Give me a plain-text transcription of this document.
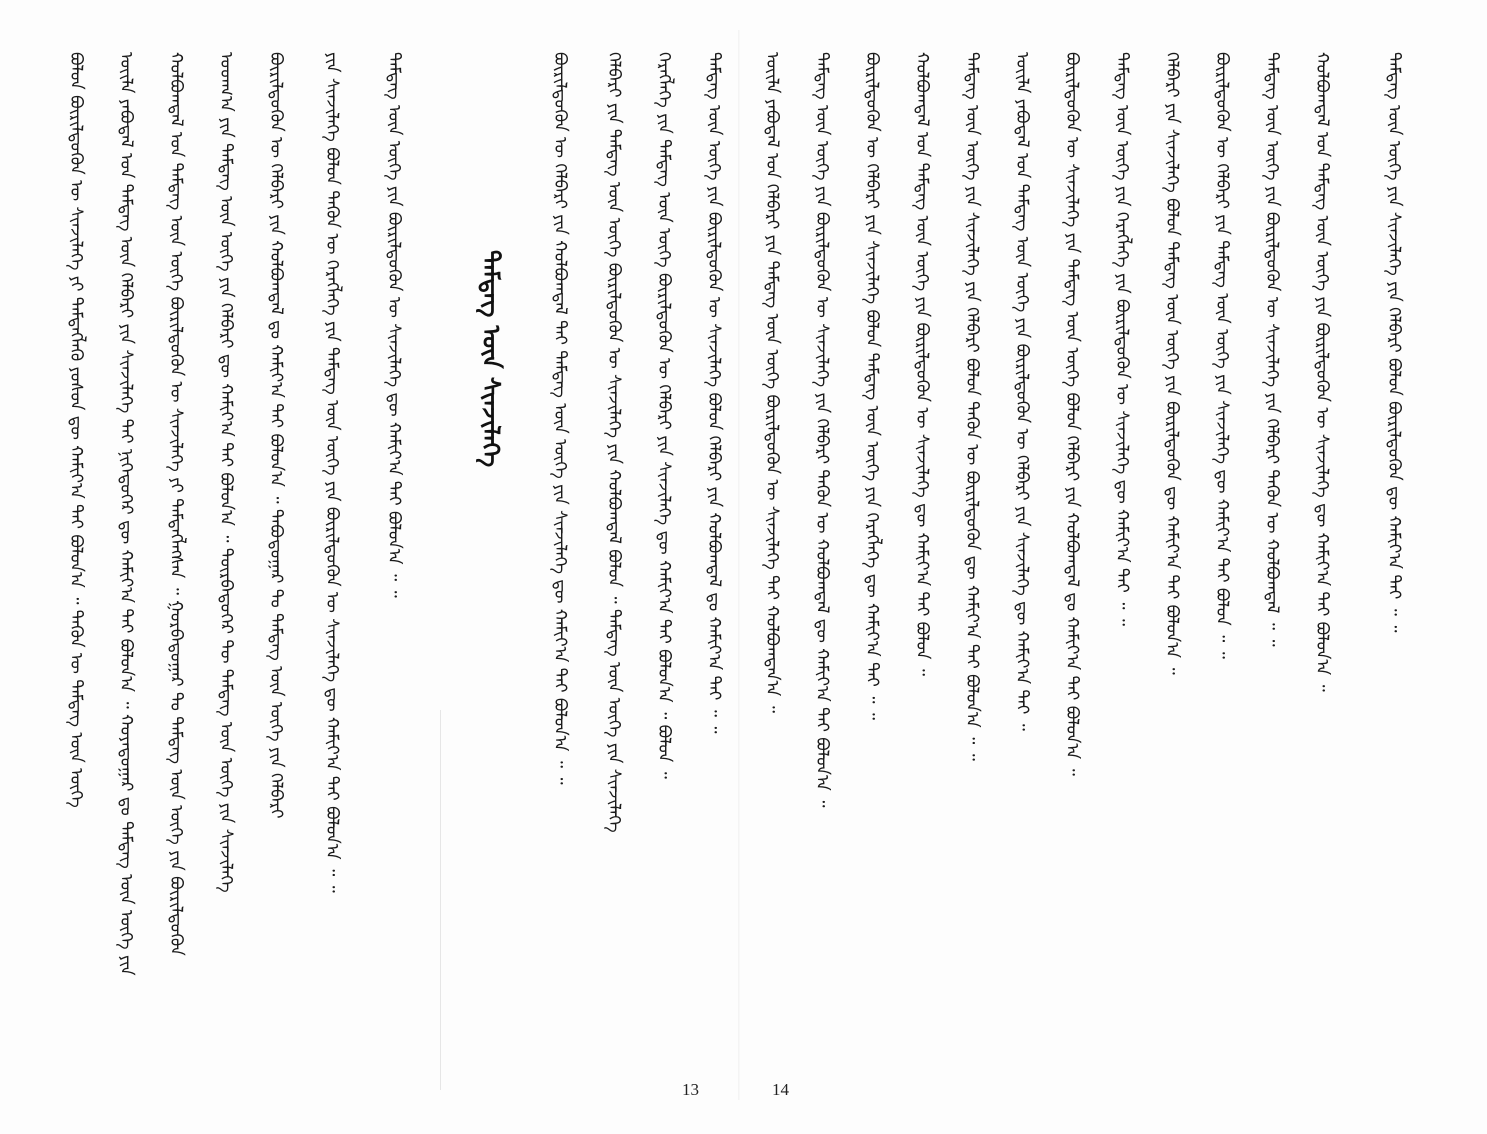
ᠪᠣᠯᠣᠨ ᠪᠦᠷᠢᠯᠳᠦᠬᠦᠨ ᠦ ᠰᠢᠨᠵᠢᠯᠡᠭᠡ ᠶᠢ ᠲᠡᠮᠳᠡᠭᠯᠡᠬᠦ ᠶᠤᠰᠤᠨ ᠳᠦ ᠬᠠᠮᠢᠶ᠎ᠠ ᠲᠠᠢ ᠪᠣᠯᠤᠨ᠎ᠠ ᠃ ᠲᠡᠭᠦᠨ ᠦ ᠲᠡᠮᠳᠡᠭ ᠦᠨ ᠦᠭᠡ ᠦᠢᠯᠡ ᠶᠠᠪᠤᠳᠠᠯ ᠤᠨ ᠲᠡᠮᠳᠡᠭ ᠦᠨ ᠬᠡᠯᠪᠡᠷᠢ ᠶᠢᠨ ᠰᠢᠨᠵᠢᠯᠡᠭᠡ ᠲᠠᠢ ᠨᠢᠭᠡᠳᠦᠭᠡᠷ ᠳᠦ ᠬᠠᠮᠢᠶ᠎ᠠ ᠲᠠᠢ ᠪᠣᠯᠤᠨ᠎ᠠ ᠃ ᠬᠣᠶᠠᠳᠤᠭᠠᠷ ᠳᠤ ᠲᠡᠮᠳᠡᠭ ᠦᠨ ᠦᠭᠡ ᠶᠢᠨ ᠬᠣᠯᠪᠣᠭᠳᠠᠯ ᠤᠨ ᠲᠡᠮᠳᠡᠭ ᠦᠨ ᠦᠭᠡ ᠪᠦᠷᠢᠯᠳᠦᠬᠦᠨ ᠦ ᠰᠢᠨᠵᠢᠯᠡᠭᠡ ᠶᠢ ᠲᠡᠮᠳᠡᠭᠯᠡᠭᠰᠡᠨ ᠃ ᠭᠤᠷᠪᠠᠳᠤᠭᠠᠷ ᠲᠤ ᠲᠡᠮᠳᠡᠭ ᠦᠨ ᠦᠭᠡ ᠶᠢᠨ ᠪᠦᠷᠢᠯᠳᠦᠬᠦᠨ ᠤᠳᠬ᠎ᠠ ᠶᠢᠨ ᠲᠡᠮᠳᠡᠭ ᠦᠨ ᠦᠭᠡ ᠶᠢᠨ ᠬᠡᠯᠪᠡᠷᠢ ᠳᠦ ᠬᠠᠮᠢᠶ᠎ᠠ ᠲᠠᠢ ᠪᠣᠯᠤᠨ᠎ᠠ ᠃ ᠳᠥᠷᠪᠡᠳᠦᠭᠡᠷ ᠲᠦ ᠲᠡᠮᠳᠡᠭ ᠦᠨ ᠦᠭᠡ ᠶᠢᠨ ᠰᠢᠨᠵᠢᠯᠡᠭᠡ ᠪᠦᠷᠢᠯᠳᠦᠬᠦᠨ ᠦ ᠬᠡᠯᠪᠡᠷᠢ ᠶᠢᠨ ᠬᠣᠯᠪᠣᠭᠳᠠᠯ ᠳᠤ ᠬᠠᠮᠢᠶ᠎ᠠ ᠲᠠᠢ ᠪᠣᠯᠤᠨ᠎ᠠ ᠃ ᠲᠠᠪᠤᠳᠤᠭᠠᠷ ᠲᠤ ᠲᠡᠮᠳᠡᠭ ᠦᠨ ᠦᠭᠡ ᠶᠢᠨ ᠬᠡᠯᠪᠡᠷᠢ ᠶᠢᠨ ᠰᠢᠨᠵᠢᠯᠡᠭᠡ ᠪᠣᠯᠤᠨ ᠲᠡᠭᠦᠨ ᠦ ᠬᠡᠷᠡᠭᠯᠡᠭᠡ ᠶᠢᠨ ᠲᠡᠮᠳᠡᠭ ᠦᠨ ᠦᠭᠡ ᠶᠢᠨ ᠪᠦᠷᠢᠯᠳᠦᠬᠦᠨ ᠦ ᠰᠢᠨᠵᠢᠯᠡᠭᠡ ᠳᠦ ᠬᠠᠮᠢᠶ᠎ᠠ ᠲᠠᠢ ᠪᠣᠯᠤᠨ᠎ᠠ ᠃ ᠃ ᠲᠡᠮᠳᠡᠭ ᠦᠨ ᠦᠭᠡ ᠶᠢᠨ ᠪᠦᠷᠢᠯᠳᠦᠬᠦᠨ ᠦ ᠰᠢᠨᠵᠢᠯᠡᠭᠡ ᠳᠦ ᠬᠠᠮᠢᠶ᠎ᠠ ᠲᠠᠢ ᠪᠣᠯᠤᠨ᠎ᠠ ᠃ ᠃	ᠲᠡᠮᠳᠡᠭ ᠦᠨ ᠰᠢᠨᠵᠢᠯᠡᠭᠡ	ᠪᠦᠷᠢᠯᠳᠦᠬᠦᠨ ᠦ ᠬᠡᠯᠪᠡᠷᠢ ᠶᠢᠨ ᠬᠣᠯᠪᠣᠭᠳᠠᠯ ᠲᠠᠢ ᠲᠡᠮᠳᠡᠭ ᠦᠨ ᠦᠭᠡ ᠶᠢᠨ ᠰᠢᠨᠵᠢᠯᠡᠭᠡ ᠳᠦ ᠬᠠᠮᠢᠶ᠎ᠠ ᠲᠠᠢ ᠪᠣᠯᠤᠨ᠎ᠠ ᠃ ᠃ ᠬᠡᠯᠪᠡᠷᠢ ᠶᠢᠨ ᠲᠡᠮᠳᠡᠭ ᠦᠨ ᠦᠭᠡ ᠪᠦᠷᠢᠯᠳᠦᠬᠦᠨ ᠦ ᠰᠢᠨᠵᠢᠯᠡᠭᠡ ᠶᠢᠨ ᠬᠣᠯᠪᠣᠭᠳᠠᠯ ᠪᠣᠯᠤᠨ ᠃ ᠲᠡᠮᠳᠡᠭ ᠦᠨ ᠦᠭᠡ ᠶᠢᠨ ᠰᠢᠨᠵᠢᠯᠡᠭᠡ ᠬᠡᠷᠡᠭᠯᠡᠭᠡ ᠶᠢᠨ ᠲᠡᠮᠳᠡᠭ ᠦᠨ ᠦᠭᠡ ᠪᠦᠷᠢᠯᠳᠦᠬᠦᠨ ᠦ ᠬᠡᠯᠪᠡᠷᠢ ᠶᠢᠨ ᠰᠢᠨᠵᠢᠯᠡᠭᠡ ᠳᠦ ᠬᠠᠮᠢᠶ᠎ᠠ ᠲᠠᠢ ᠪᠣᠯᠤᠨ᠎ᠠ ᠃ ᠪᠣᠯᠤᠨ ᠃ ᠲᠡᠮᠳᠡᠭ ᠦᠨ ᠦᠭᠡ ᠶᠢᠨ ᠪᠦᠷᠢᠯᠳᠦᠬᠦᠨ ᠦ ᠰᠢᠨᠵᠢᠯᠡᠭᠡ ᠪᠣᠯᠤᠨ ᠬᠡᠯᠪᠡᠷᠢ ᠶᠢᠨ ᠬᠣᠯᠪᠣᠭᠳᠠᠯ ᠳᠤ ᠬᠠᠮᠢᠶ᠎ᠠ ᠲᠠᠢ ᠃ ᠃
13
ᠦᠢᠯᠡ ᠶᠠᠪᠤᠳᠠᠯ ᠤᠨ ᠬᠡᠯᠪᠡᠷᠢ ᠶᠢᠨ ᠲᠡᠮᠳᠡᠭ ᠦᠨ ᠦᠭᠡ ᠪᠦᠷᠢᠯᠳᠦᠬᠦᠨ ᠦ ᠰᠢᠨᠵᠢᠯᠡᠭᠡ ᠲᠠᠢ ᠬᠣᠯᠪᠣᠭᠳᠠᠨ᠎ᠠ ᠃ ᠲᠡᠮᠳᠡᠭ ᠦᠨ ᠦᠭᠡ ᠶᠢᠨ ᠪᠦᠷᠢᠯᠳᠦᠬᠦᠨ ᠦ ᠰᠢᠨᠵᠢᠯᠡᠭᠡ ᠶᠢᠨ ᠬᠡᠯᠪᠡᠷᠢ ᠲᠡᠭᠦᠨ ᠦ ᠬᠣᠯᠪᠣᠭᠳᠠᠯ ᠳᠦ ᠬᠠᠮᠢᠶ᠎ᠠ ᠲᠠᠢ ᠪᠣᠯᠤᠨ᠎ᠠ ᠃ ᠪᠦᠷᠢᠯᠳᠦᠬᠦᠨ ᠦ ᠬᠡᠯᠪᠡᠷᠢ ᠶᠢᠨ ᠰᠢᠨᠵᠢᠯᠡᠭᠡ ᠪᠣᠯᠤᠨ ᠲᠡᠮᠳᠡᠭ ᠦᠨ ᠦᠭᠡ ᠶᠢᠨ ᠬᠡᠷᠡᠭᠯᠡᠭᠡ ᠳᠦ ᠬᠠᠮᠢᠶ᠎ᠠ ᠲᠠᠢ ᠃ ᠃ ᠬᠣᠯᠪᠣᠭᠳᠠᠯ ᠤᠨ ᠲᠡᠮᠳᠡᠭ ᠦᠨ ᠦᠭᠡ ᠶᠢᠨ ᠪᠦᠷᠢᠯᠳᠦᠬᠦᠨ ᠦ ᠰᠢᠨᠵᠢᠯᠡᠭᠡ ᠳᠦ ᠬᠠᠮᠢᠶ᠎ᠠ ᠲᠠᠢ ᠪᠣᠯᠤᠨ ᠃ ᠲᠡᠮᠳᠡᠭ ᠦᠨ ᠦᠭᠡ ᠶᠢᠨ ᠰᠢᠨᠵᠢᠯᠡᠭᠡ ᠶᠢᠨ ᠬᠡᠯᠪᠡᠷᠢ ᠪᠣᠯᠤᠨ ᠲᠡᠭᠦᠨ ᠦ ᠪᠦᠷᠢᠯᠳᠦᠬᠦᠨ ᠳᠦ ᠬᠠᠮᠢᠶ᠎ᠠ ᠲᠠᠢ ᠪᠣᠯᠤᠨ᠎ᠠ ᠃ ᠃ ᠦᠢᠯᠡ ᠶᠠᠪᠤᠳᠠᠯ ᠤᠨ ᠲᠡᠮᠳᠡᠭ ᠦᠨ ᠦᠭᠡ ᠶᠢᠨ ᠪᠦᠷᠢᠯᠳᠦᠬᠦᠨ ᠦ ᠬᠡᠯᠪᠡᠷᠢ ᠶᠢᠨ ᠰᠢᠨᠵᠢᠯᠡᠭᠡ ᠳᠦ ᠬᠠᠮᠢᠶ᠎ᠠ ᠲᠠᠢ ᠃ ᠪᠦᠷᠢᠯᠳᠦᠬᠦᠨ ᠦ ᠰᠢᠨᠵᠢᠯᠡᠭᠡ ᠶᠢᠨ ᠲᠡᠮᠳᠡᠭ ᠦᠨ ᠦᠭᠡ ᠪᠣᠯᠤᠨ ᠬᠡᠯᠪᠡᠷᠢ ᠶᠢᠨ ᠬᠣᠯᠪᠣᠭᠳᠠᠯ ᠳᠤ ᠬᠠᠮᠢᠶ᠎ᠠ ᠲᠠᠢ ᠪᠣᠯᠤᠨ᠎ᠠ ᠃ ᠲᠡᠮᠳᠡᠭ ᠦᠨ ᠦᠭᠡ ᠶᠢᠨ ᠬᠡᠷᠡᠭᠯᠡᠭᠡ ᠶᠢᠨ ᠪᠦᠷᠢᠯᠳᠦᠬᠦᠨ ᠦ ᠰᠢᠨᠵᠢᠯᠡᠭᠡ ᠳᠦ ᠬᠠᠮᠢᠶ᠎ᠠ ᠲᠠᠢ ᠃ ᠃ ᠬᠡᠯᠪᠡᠷᠢ ᠶᠢᠨ ᠰᠢᠨᠵᠢᠯᠡᠭᠡ ᠪᠣᠯᠤᠨ ᠲᠡᠮᠳᠡᠭ ᠦᠨ ᠦᠭᠡ ᠶᠢᠨ ᠪᠦᠷᠢᠯᠳᠦᠬᠦᠨ ᠳᠦ ᠬᠠᠮᠢᠶ᠎ᠠ ᠲᠠᠢ ᠪᠣᠯᠤᠨ᠎ᠠ ᠃ ᠪᠦᠷᠢᠯᠳᠦᠬᠦᠨ ᠦ ᠬᠡᠯᠪᠡᠷᠢ ᠶᠢᠨ ᠲᠡᠮᠳᠡᠭ ᠦᠨ ᠦᠭᠡ ᠶᠢᠨ ᠰᠢᠨᠵᠢᠯᠡᠭᠡ ᠳᠦ ᠬᠠᠮᠢᠶ᠎ᠠ ᠲᠠᠢ ᠪᠣᠯᠤᠨ ᠃ ᠃ ᠲᠡᠮᠳᠡᠭ ᠦᠨ ᠦᠭᠡ ᠶᠢᠨ ᠪᠦᠷᠢᠯᠳᠦᠬᠦᠨ ᠦ ᠰᠢᠨᠵᠢᠯᠡᠭᠡ ᠶᠢᠨ ᠬᠡᠯᠪᠡᠷᠢ ᠲᠡᠭᠦᠨ ᠦ ᠬᠣᠯᠪᠣᠭᠳᠠᠯ ᠃ ᠃ ᠬᠣᠯᠪᠣᠭᠳᠠᠯ ᠤᠨ ᠲᠡᠮᠳᠡᠭ ᠦᠨ ᠦᠭᠡ ᠶᠢᠨ ᠪᠦᠷᠢᠯᠳᠦᠬᠦᠨ ᠦ ᠰᠢᠨᠵᠢᠯᠡᠭᠡ ᠳᠦ ᠬᠠᠮᠢᠶ᠎ᠠ ᠲᠠᠢ ᠪᠣᠯᠤᠨ᠎ᠠ ᠃	ᠲᠡᠮᠳᠡᠭ ᠦᠨ ᠦᠭᠡ ᠶᠢᠨ ᠰᠢᠨᠵᠢᠯᠡᠭᠡ ᠶᠢᠨ ᠬᠡᠯᠪᠡᠷᠢ ᠪᠣᠯᠤᠨ ᠪᠦᠷᠢᠯᠳᠦᠬᠦᠨ ᠳᠦ ᠬᠠᠮᠢᠶ᠎ᠠ ᠲᠠᠢ ᠃ ᠃
14
